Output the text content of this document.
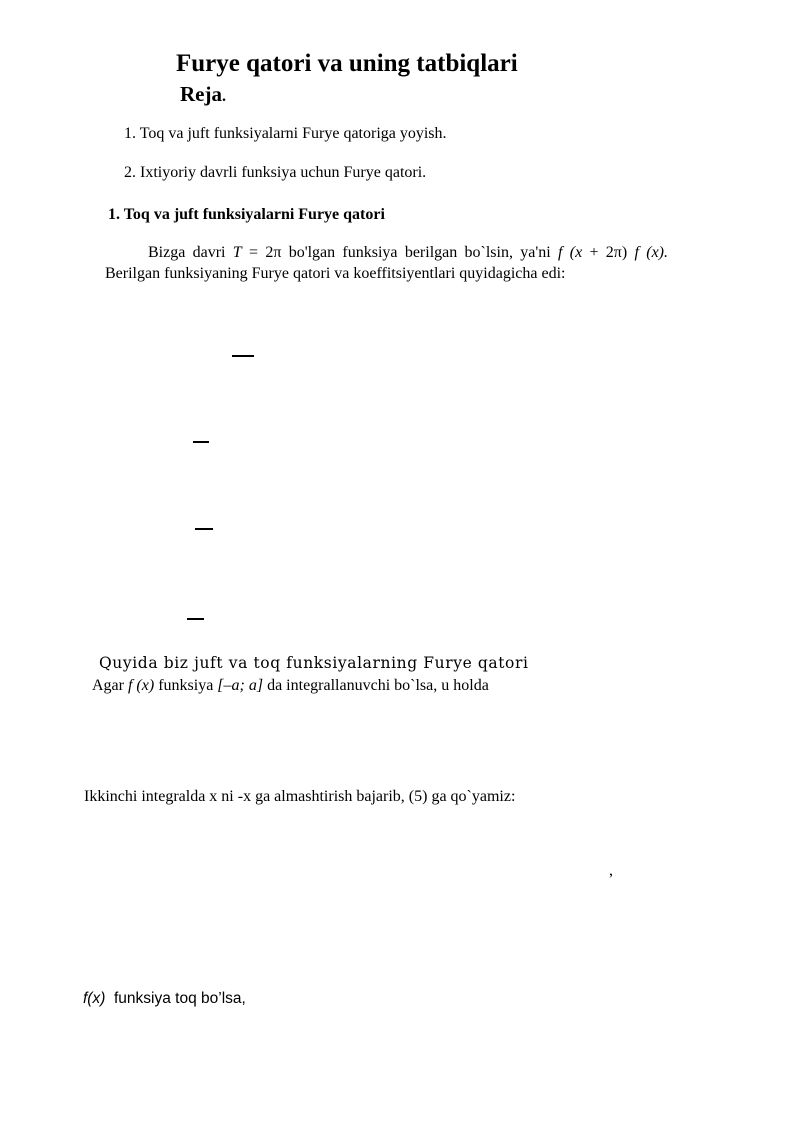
Furye qatori va uning tatbiqlari
Reja.
1. Toq va juft funksiyalarni Furye qatoriga yoyish.
2. Ixtiyoriy davrli funksiya uchun Furye qatori.
1. Toq va juft funksiyalarni Furye qatori
Bizga davri T = 2π bo'lgan funksiya berilgan bo`lsin, ya'ni f (x + 2π) f (x). Berilgan funksiyaning Furye qatori va koeffitsiyentlari quyidagicha edi:
Quyida biz juft va toq funksiyalarning Furye qatori
Agar f (x) funksiya [–a; a] da integrallanuvchi bo`lsa, u holda
Ikkinchi integralda x ni -x ga almashtirish bajarib, (5) ga qo`yamiz:
,
f(x)  funksiya toq bo’lsa,
